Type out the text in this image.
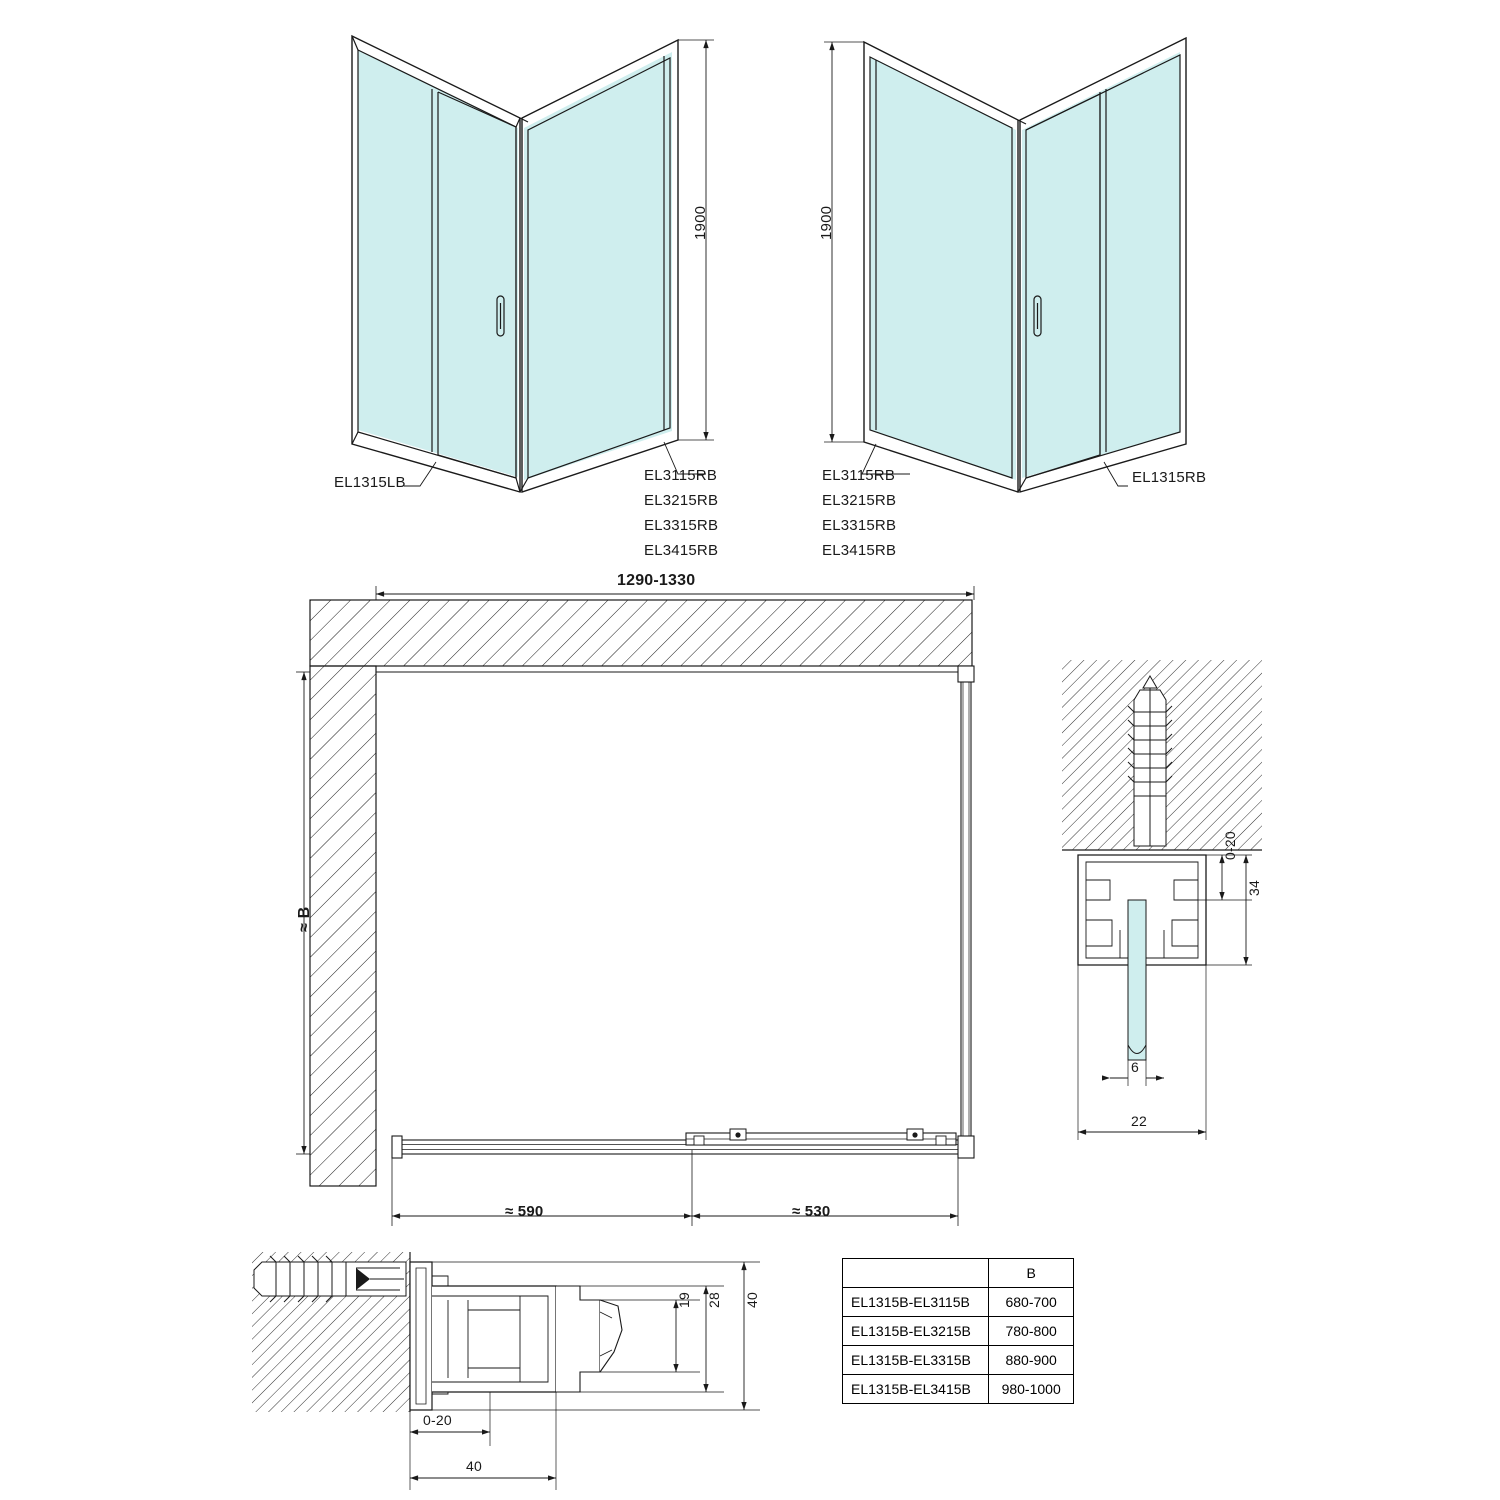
1900	1900
EL1315LB	EL3115RB
EL3215RB
EL3315RB
EL3415RB
EL3115RB
EL3215RB
EL3315RB
EL3415RB
EL1315RB
1290-1330
≈ B
≈ 590	≈ 530
0-20
34
6
22
19 28 40
0-20
40
	B
EL1315B-EL3115B	680-700
EL1315B-EL3215B	780-800
EL1315B-EL3315B	880-900
EL1315B-EL3415B	980-1000
